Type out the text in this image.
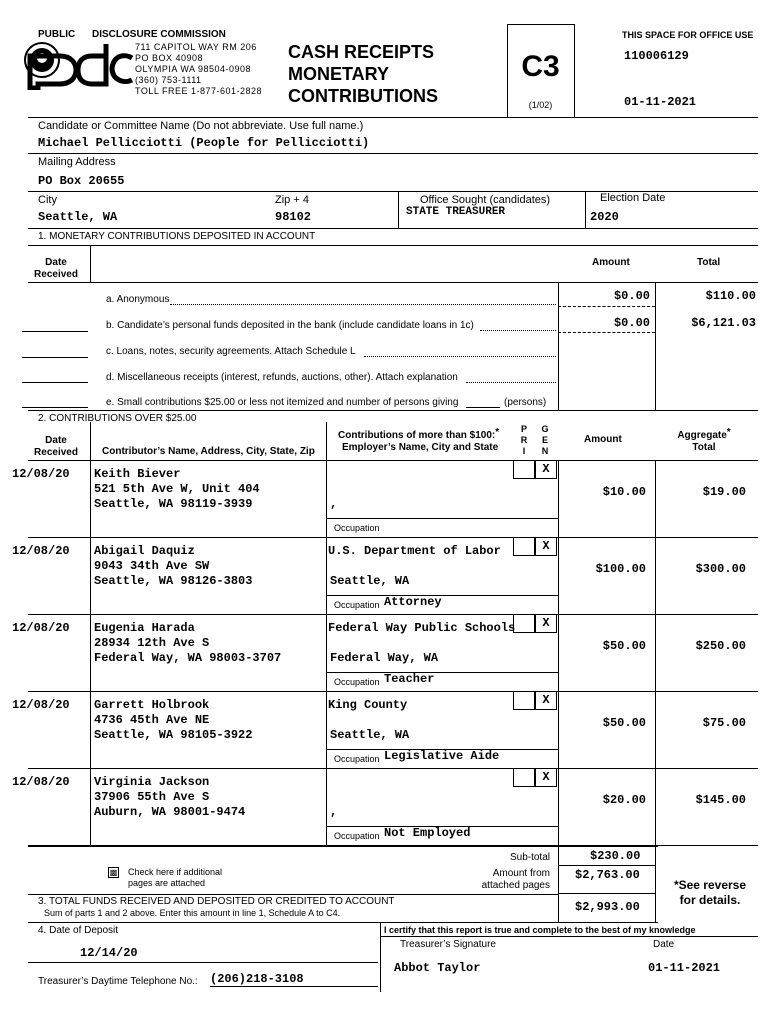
PUBLIC DISCLOSURE COMMISSION
711 CAPITOL WAY RM 206
PO BOX 40908
OLYMPIA WA 98504-0908
(360) 753-1111
TOLL FREE 1-877-601-2828
CASH RECEIPTS
MONETARY
CONTRIBUTIONS
C3
(1/02)
THIS SPACE FOR OFFICE USE
110006129
01-11-2021
Candidate or Committee Name (Do not abbreviate. Use full name.)
Michael Pellicciotti (People for Pellicciotti)
Mailing Address
PO Box 20655
City
Seattle, WA
Zip + 4
98102
Office Sought (candidates)
STATE TREASURER
Election Date
2020
1. MONETARY CONTRIBUTIONS DEPOSITED IN ACCOUNT
Date
Received
Amount	Total
a. Anonymous	$0.00	$110.00
b. Candidate’s personal funds deposited in the bank (include candidate loans in 1c)	$0.00	$6,121.03
c. Loans, notes, security agreements. Attach Schedule L
d. Miscellaneous receipts (interest, refunds, auctions, other). Attach explanation
e. Small contributions $25.00 or less not itemized and number of persons giving	(persons)
2. CONTRIBUTIONS OVER $25.00
Date
Received	Contributor’s Name, Address, City, State, Zip
Contributions of more than $100:*
Employer’s Name, City and State
P
R
I
G
E
N
Amount	Aggregate*
Total
12/08/20 Keith Biever
521 5th Ave W, Unit 404
Seattle, WA 98119-3939	,
X
Occupation
$10.00	$19.00
12/08/20 Abigail Daquiz
9043 34th Ave SW
Seattle, WA 98126-3803
U.S. Department of Labor
Seattle, WA
X
Occupation Attorney
$100.00	$300.00
12/08/20 Eugenia Harada
28934 12th Ave S
Federal Way, WA 98003-3707
Federal Way Public Schools
Federal Way, WA
X
Occupation Teacher
$50.00	$250.00
12/08/20 Garrett Holbrook
4736 45th Ave NE
Seattle, WA 98105-3922
King County
Seattle, WA
X
Occupation Legislative Aide
$50.00	$75.00
12/08/20 Virginia Jackson
37906 55th Ave S
Auburn, WA 98001-9474	,
X
Occupation Not Employed
$20.00	$145.00
▩ Check here if additional
pages are attached
Sub-total	$230.00
Amount from
attached pages
$2,763.00
*See reverse
for details.
3. TOTAL FUNDS RECEIVED AND DEPOSITED OR CREDITED TO ACCOUNT
Sum of parts 1 and 2 above. Enter this amount in line 1, Schedule A to C4.	$2,993.00
4. Date of Deposit
12/14/20
Treasurer’s Daytime Telephone No.: (206)218-3108
I certify that this report is true and complete to the best of my knowledge
Treasurer’s Signature	Date
Abbot Taylor	01-11-2021
